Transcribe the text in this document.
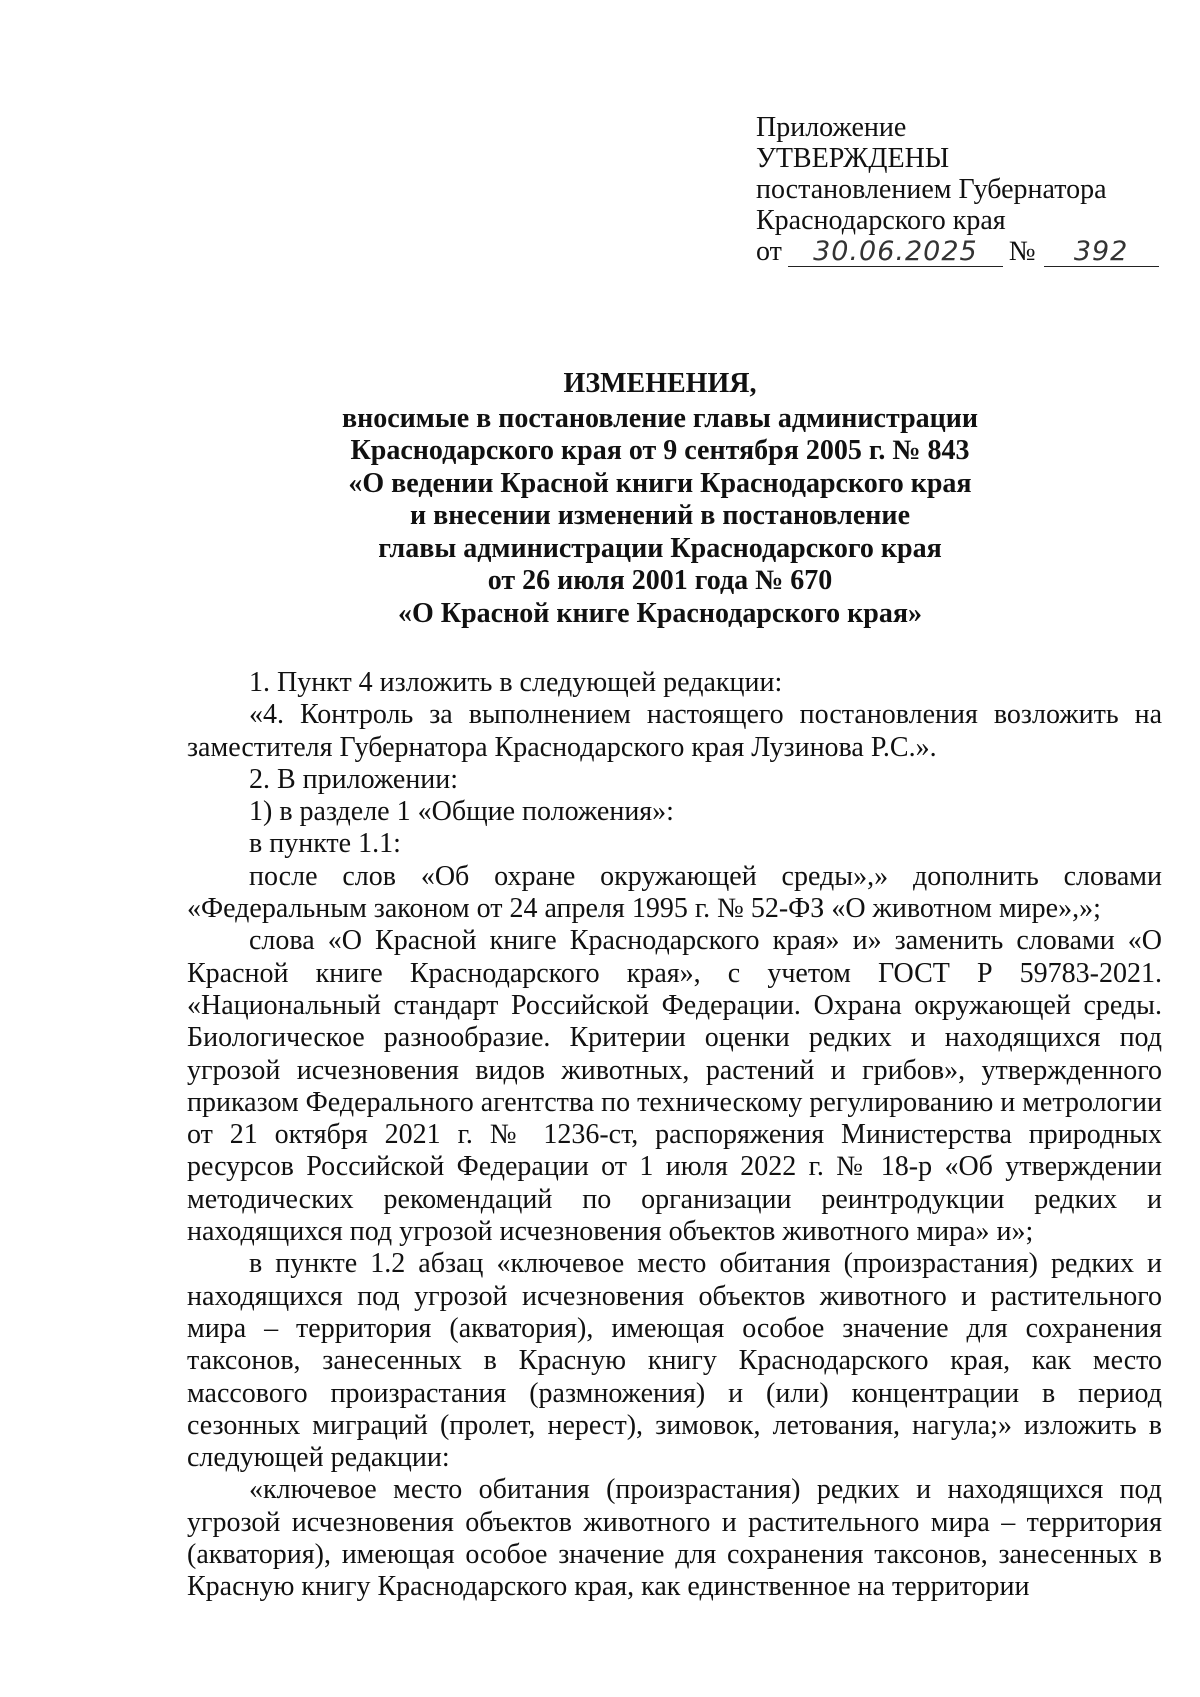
Приложение

УТВЕРЖДЕНЫ

постановлением Губернатора

Краснодарского края

от	30.06.2025	№	392

ИЗМЕНЕНИЯ,

вносимые в постановление главы администрации

Краснодарского края от 9 сентября 2005 г. № 843

«О ведении Красной книги Краснодарского края

и внесении изменений в постановление

главы администрации Краснодарского края

от 26 июля 2001 года № 670

«О Красной книге Краснодарского края»

1. Пункт 4 изложить в следующей редакции:

«4. Контроль за выполнением настоящего постановления возложить на заместителя Губернатора Краснодарского края Лузинова Р.С.».

2. В приложении:

1) в разделе 1 «Общие положения»:

в пункте 1.1:

после слов «Об охране окружающей среды»,» дополнить словами «Федеральным законом от 24 апреля 1995 г. № 52-ФЗ «О животном мире»,»;

слова «О Красной книге Краснодарского края» и» заменить словами «О Красной книге Краснодарского края», с учетом ГОСТ Р 59783-2021. «Национальный стандарт Российской Федерации. Охрана окружающей среды. Биологическое разнообразие. Критерии оценки редких и находящихся под угрозой исчезновения видов животных, растений и грибов», утвержденного приказом Федерального агентства по техническому регулированию и метрологии от 21 октября 2021 г. № 1236-ст, распоряжения Министерства природных ресурсов Российской Федерации от 1 июля 2022 г. № 18-р «Об утверждении методических рекомендаций по организации реинтродукции редких и находящихся под угрозой исчезновения объектов животного мира» и»;

в пункте 1.2 абзац «ключевое место обитания (произрастания) редких и находящихся под угрозой исчезновения объектов животного и растительного мира – территория (акватория), имеющая особое значение для сохранения таксонов, занесенных в Красную книгу Краснодарского края, как место массового произрастания (размножения) и (или) концентрации в период сезонных миграций (пролет, нерест), зимовок, летования, нагула;» изложить в следующей редакции:

«ключевое место обитания (произрастания) редких и находящихся под угрозой исчезновения объектов животного и растительного мира – территория (акватория), имеющая особое значение для сохранения таксонов, занесенных в Красную книгу Краснодарского края, как единственное на территории
